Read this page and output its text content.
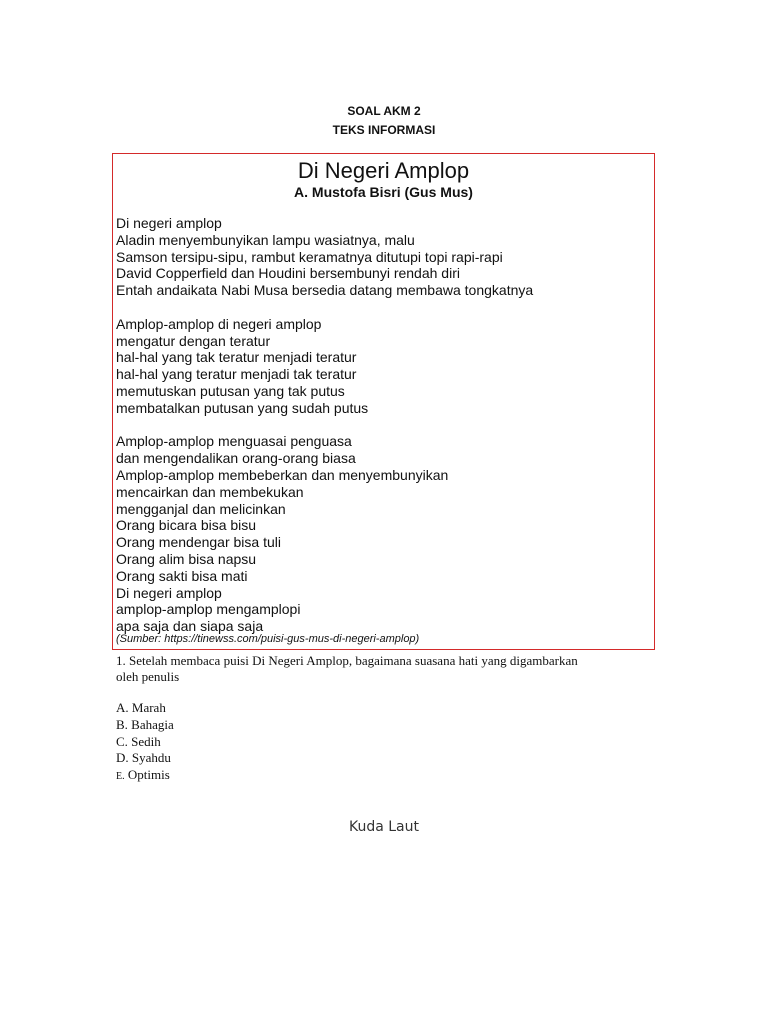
SOAL AKM 2
TEKS INFORMASI
Di Negeri Amplop
A. Mustofa Bisri (Gus Mus)
Di negeri amplop
Aladin menyembunyikan lampu wasiatnya, malu
Samson tersipu-sipu, rambut keramatnya ditutupi topi rapi-rapi
David Copperfield dan Houdini bersembunyi rendah diri
Entah andaikata Nabi Musa bersedia datang membawa tongkatnya
Amplop-amplop di negeri amplop
mengatur dengan teratur
hal-hal yang tak teratur menjadi teratur
hal-hal yang teratur menjadi tak teratur
memutuskan putusan yang tak putus
membatalkan putusan yang sudah putus
Amplop-amplop menguasai penguasa
dan mengendalikan orang-orang biasa
Amplop-amplop membeberkan dan menyembunyikan
mencairkan dan membekukan
mengganjal dan melicinkan
Orang bicara bisa bisu
Orang mendengar bisa tuli
Orang alim bisa napsu
Orang sakti bisa mati
Di negeri amplop
amplop-amplop mengamplopi
apa saja dan siapa saja
(Sumber: https://tinewss.com/puisi-gus-mus-di-negeri-amplop)
1. Setelah membaca puisi Di Negeri Amplop, bagaimana suasana hati yang digambarkan oleh penulis
A. Marah
B. Bahagia
C. Sedih
D. Syahdu
E. Optimis
Kuda Laut
